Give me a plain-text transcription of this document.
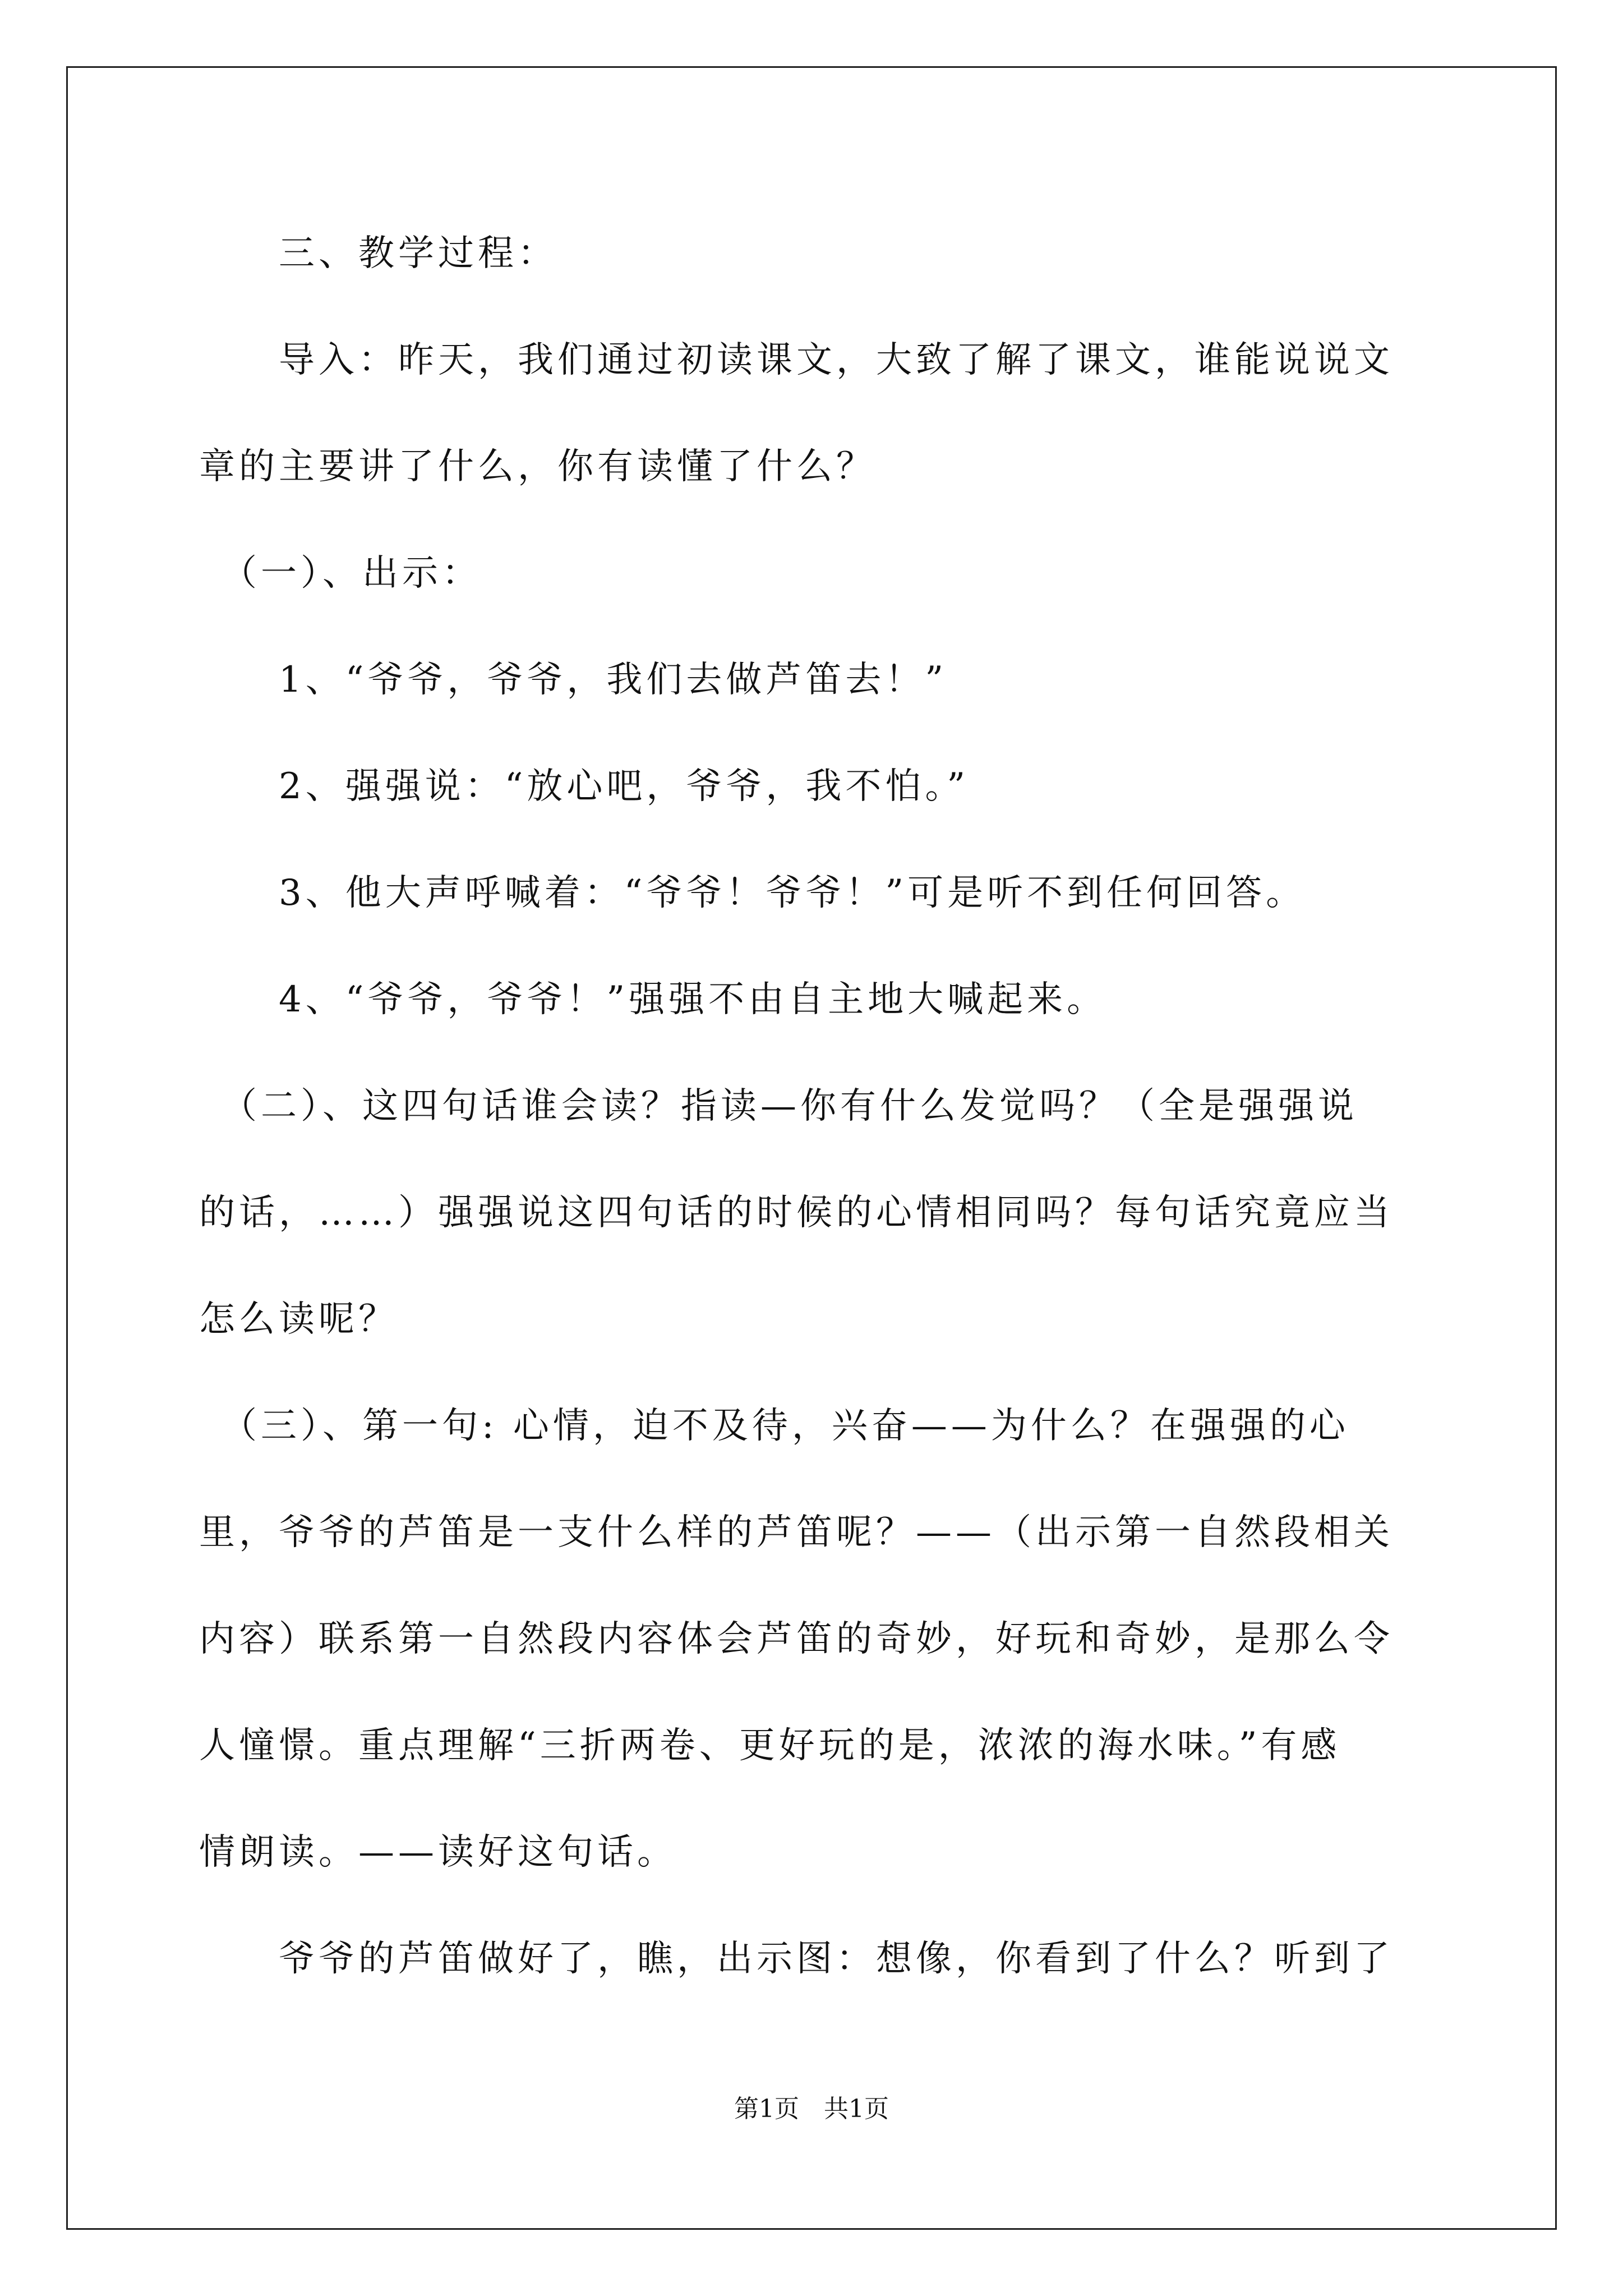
　　三、教学过程：
　　导入：昨天，我们通过初读课文，大致了解了课文，谁能说说文
章的主要讲了什么，你有读懂了什么？
　（一）、出示：
　　1、“爷爷，爷爷，我们去做芦笛去！”
　　2、强强说：“放心吧，爷爷，我不怕。”
　　3、他大声呼喊着：“爷爷！爷爷！”可是听不到任何回答。
　　4、“爷爷，爷爷！”强强不由自主地大喊起来。
　（二）、这四句话谁会读？指读—你有什么发觉吗？（全是强强说
的话，……）强强说这四句话的时候的心情相同吗？每句话究竟应当
怎么读呢？
　（三）、第一句: 心情，迫不及待，兴奋——为什么？在强强的心
里，爷爷的芦笛是一支什么样的芦笛呢？——（出示第一自然段相关
内容）联系第一自然段内容体会芦笛的奇妙，好玩和奇妙，是那么令
人憧憬。重点理解“三折两卷、更好玩的是，浓浓的海水味。”有感
情朗读。——读好这句话。
　　爷爷的芦笛做好了，瞧，出示图：想像，你看到了什么？听到了
第1页　共1页
